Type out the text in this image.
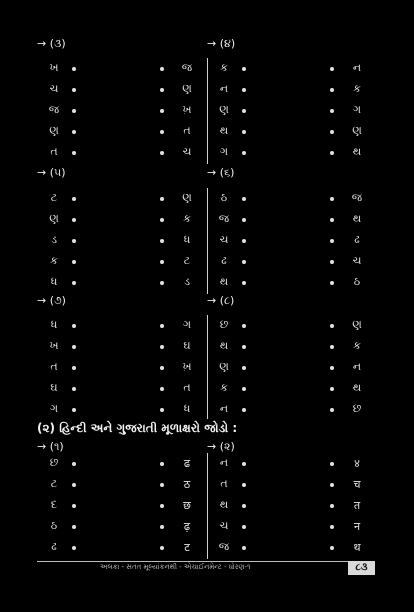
→ (૩)	→ (૪)
ખ	જ
ચ	ણ
જ	ખ઼
ણ	ત
ત	ચ
ક	ન
ન	ક
ણ	ગ
થ	ણ
ગ	થ
→ (૫)	→ (૬)
ટ	ણ
ણ	ક
ડ	ધ
ક	ટ
ધ	ડ
ઠ	જ
જ	થ
ચ	ઢ
ઢ	ચ
થ	ઠ
→ (૭)	→ (૮)
ધ	ગ
ખ	ઘ
ત	ખ઼
ઘ	ત
ગ	ધ
છ	ણ
થ	ક
ણ	ન
ક	થ
ન	છ
(૨) હિન્દી અને ગુજરાતી મૂળાક્ષરો જોડો :
→ (૧)	→ (૨)
છ	ढ
ટ	ठ
દ	छ
ઠ	ढ़
ઢ	ट
ન	४
ત	च
થ	त
ચ	न
જ	थ
અલકા - સતત મૂલ્યાંકનથી - એચાઈનમેન્ટ - ધોરણ-૧	૮૩
